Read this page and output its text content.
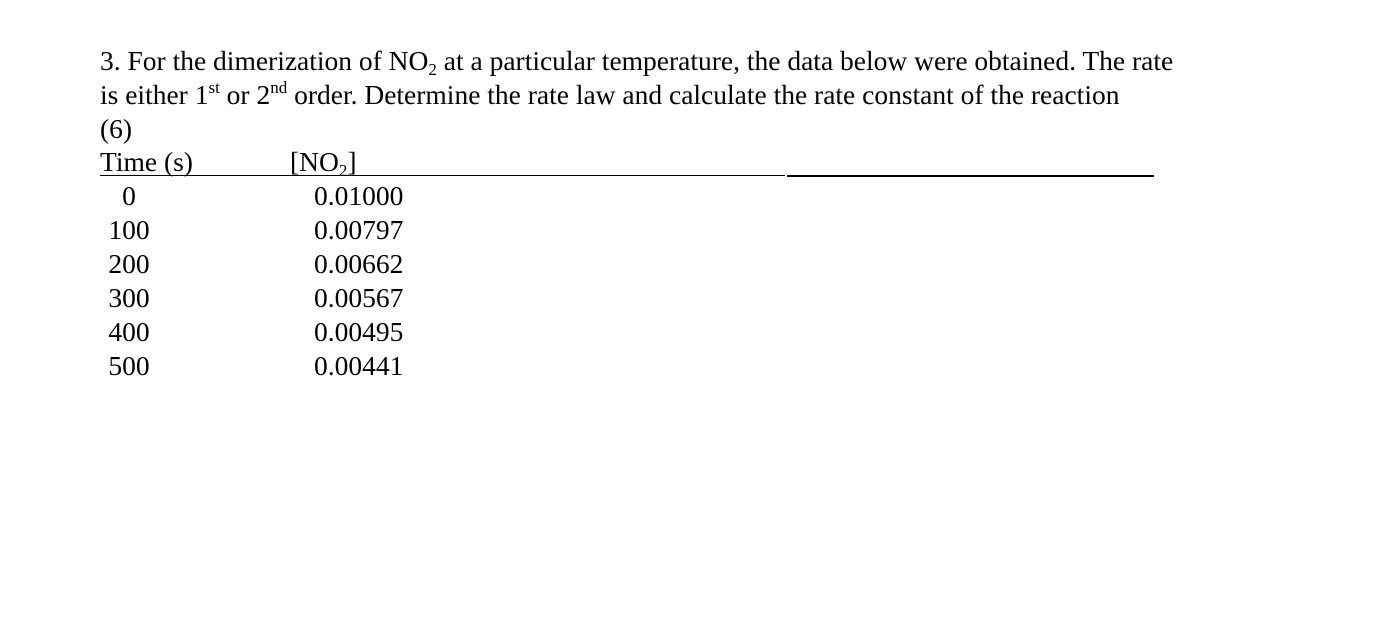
3. For the dimerization of $NO_2$ at a particular temperature, the data below were obtained. The rate
is either 1st or 2nd order. Determine the rate law and calculate the rate constant of the reaction
(6)
Time (s)	$[NO_2]$
0	0.01000
100	0.00797
200	0.00662
300	0.00567
400	0.00495
500	0.00441
